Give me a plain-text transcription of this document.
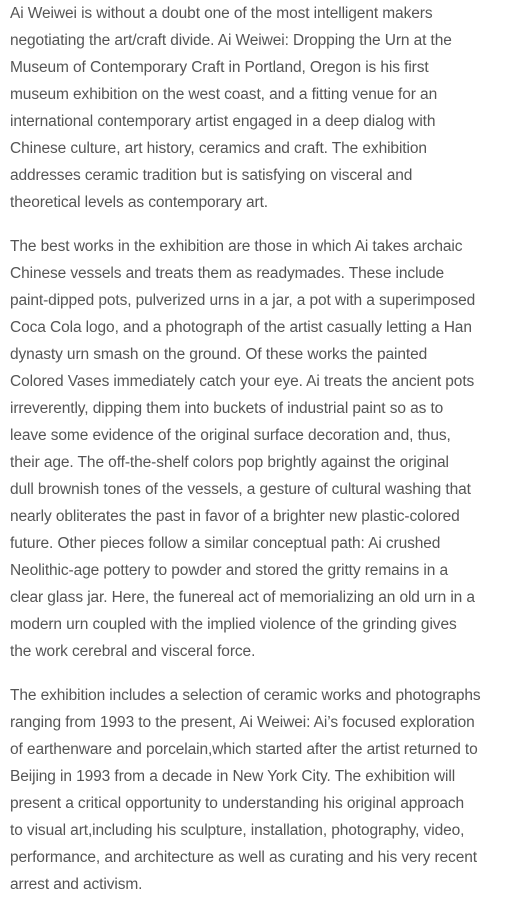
Ai Weiwei is without a doubt one of the most intelligent makers
negotiating the art/craft divide. Ai Weiwei: Dropping the Urn at the
Museum of Contemporary Craft in Portland, Oregon is his first
museum exhibition on the west coast, and a fitting venue for an
international contemporary artist engaged in a deep dialog with
Chinese culture, art history, ceramics and craft. The exhibition
addresses ceramic tradition but is satisfying on visceral and
theoretical levels as contemporary art.

The best works in the exhibition are those in which Ai takes archaic
Chinese vessels and treats them as readymades. These include
paint-dipped pots, pulverized urns in a jar, a pot with a superimposed
Coca Cola logo, and a photograph of the artist casually letting a Han
dynasty urn smash on the ground. Of these works the painted
Colored Vases immediately catch your eye. Ai treats the ancient pots
irreverently, dipping them into buckets of industrial paint so as to
leave some evidence of the original surface decoration and, thus,
their age. The off-the-shelf colors pop brightly against the original
dull brownish tones of the vessels, a gesture of cultural washing that
nearly obliterates the past in favor of a brighter new plastic-colored
future. Other pieces follow a similar conceptual path: Ai crushed
Neolithic-age pottery to powder and stored the gritty remains in a
clear glass jar. Here, the funereal act of memorializing an old urn in a
modern urn coupled with the implied violence of the grinding gives
the work cerebral and visceral force.

The exhibition includes a selection of ceramic works and photographs
ranging from 1993 to the present, Ai Weiwei: Ai’s focused exploration
of earthenware and porcelain,which started after the artist returned to
Beijing in 1993 from a decade in New York City. The exhibition will
present a critical opportunity to understanding his original approach
to visual art,including his sculpture, installation, photography, video,
performance, and architecture as well as curating and his very recent
arrest and activism.
